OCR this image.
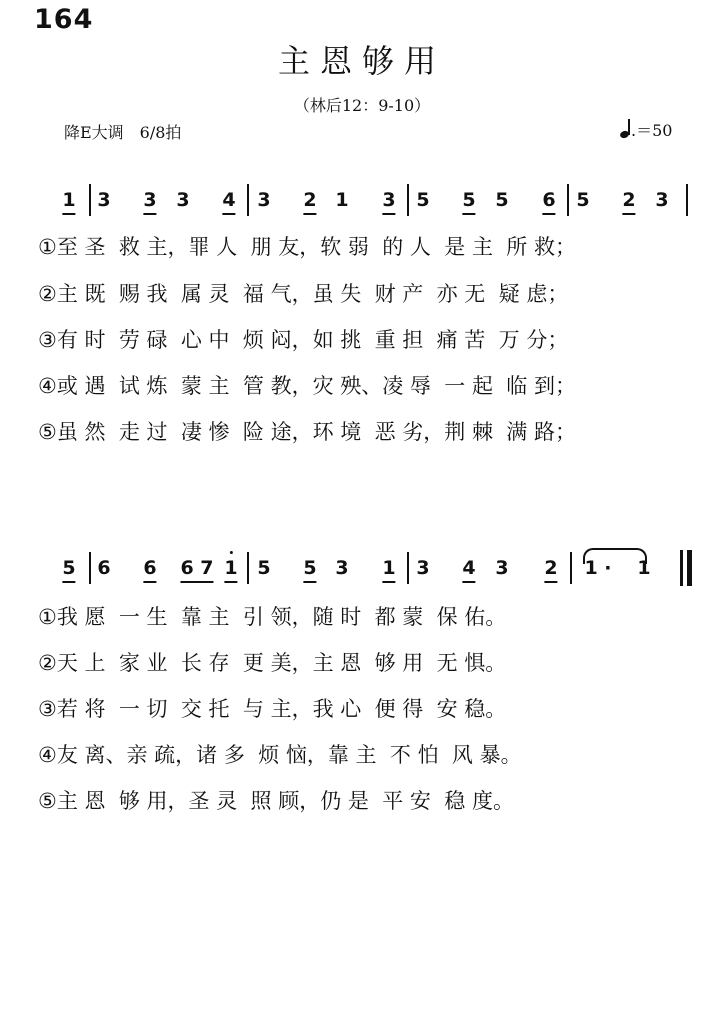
164
主恩够用
（林后12：9-10）
降E大调　6/8拍	.＝50
1 3 3 3 4 3 2 1 3 5 5 5 6 5 2 3
①至 圣  救 主，罪 人  朋 友，软 弱  的 人  是 主  所 救；
②主 既  赐 我  属 灵  福 气，虽 失  财 产  亦 无  疑 虑；
③有 时  劳 碌  心 中  烦 闷，如 挑  重 担  痛 苦  万 分；
④或 遇  试 炼  蒙 主  管 教，灾 殃、凌 辱  一 起  临 到；
⑤虽 然  走 过  凄 惨  险 途，环 境  恶 劣，荆 棘  满 路；
5 6 6 6 7 1 5 5 3 1 3 4 3 2 1 · 1
①我 愿  一 生  靠 主  引 领，随 时  都 蒙  保 佑。
②天 上  家 业  长 存  更 美，主 恩  够 用  无 惧。
③若 将  一 切  交 托  与 主，我 心  便 得  安 稳。
④友 离、亲 疏，诸 多  烦 恼，靠 主  不 怕  风 暴。
⑤主 恩  够 用，圣 灵  照 顾，仍 是  平 安  稳 度。
